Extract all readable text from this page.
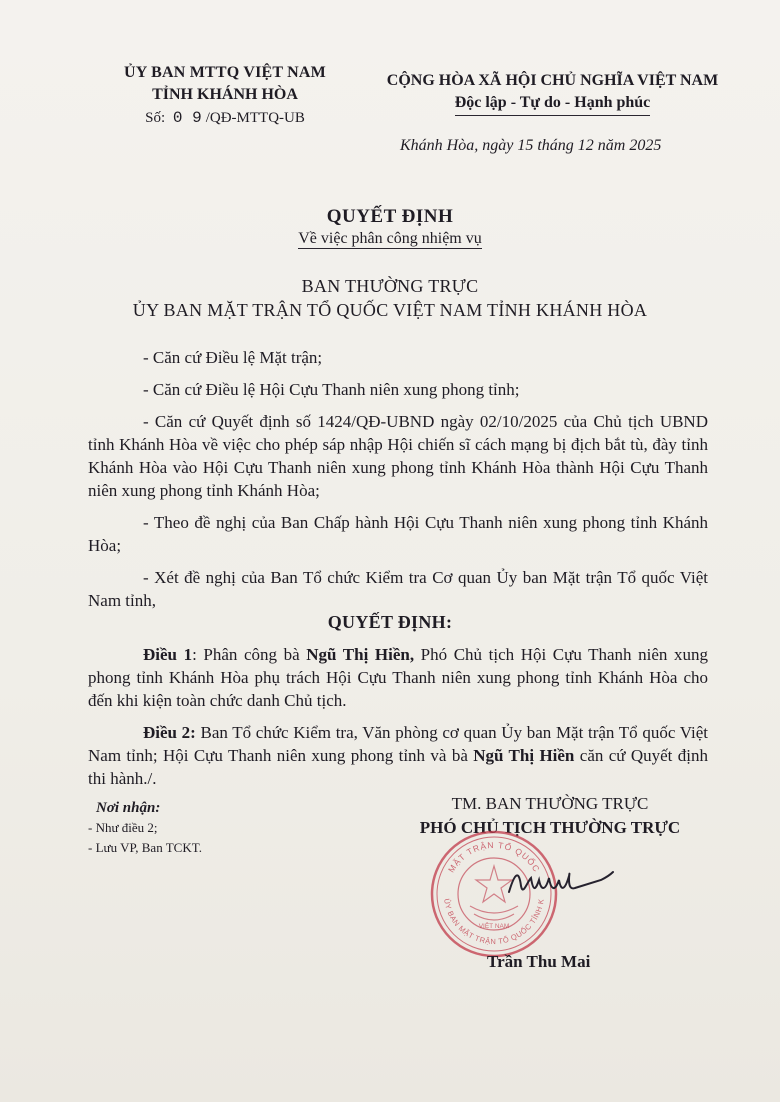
ỦY BAN MTTQ VIỆT NAM
TỈNH KHÁNH HÒA
Số: 0 9 /QĐ-MTTQ-UB
CỘNG HÒA XÃ HỘI CHỦ NGHĨA VIỆT NAM
Độc lập - Tự do - Hạnh phúc
Khánh Hòa, ngày 15 tháng 12 năm 2025
QUYẾT ĐỊNH
Về việc phân công nhiệm vụ
BAN THƯỜNG TRỰC
ỦY BAN MẶT TRẬN TỔ QUỐC VIỆT NAM TỈNH KHÁNH HÒA

- Căn cứ Điều lệ Mặt trận;

- Căn cứ Điều lệ Hội Cựu Thanh niên xung phong tỉnh;

- Căn cứ Quyết định số 1424/QĐ-UBND ngày 02/10/2025 của Chủ tịch UBND tỉnh Khánh Hòa về việc cho phép sáp nhập Hội chiến sĩ cách mạng bị địch bắt tù, đày tỉnh Khánh Hòa vào Hội Cựu Thanh niên xung phong tỉnh Khánh Hòa thành Hội Cựu Thanh niên xung phong tỉnh Khánh Hòa;

- Theo đề nghị của Ban Chấp hành Hội Cựu Thanh niên xung phong tỉnh Khánh Hòa;

- Xét đề nghị của Ban Tổ chức Kiểm tra Cơ quan Ủy ban Mặt trận Tổ quốc Việt Nam tỉnh,

QUYẾT ĐỊNH:

Điều 1: Phân công bà Ngũ Thị Hiền, Phó Chủ tịch Hội Cựu Thanh niên xung phong tỉnh Khánh Hòa phụ trách Hội Cựu Thanh niên xung phong tỉnh Khánh Hòa cho đến khi kiện toàn chức danh Chủ tịch.

Điều 2: Ban Tổ chức Kiểm tra, Văn phòng cơ quan Ủy ban Mặt trận Tổ quốc Việt Nam tỉnh; Hội Cựu Thanh niên xung phong tỉnh và bà Ngũ Thị Hiền căn cứ Quyết định thi hành./.

Nơi nhận:
- Như điều 2;
- Lưu VP, Ban TCKT.
TM. BAN THƯỜNG TRỰC
PHÓ CHỦ TỊCH THƯỜNG TRỰC
MẶT TRẬN TỔ QUỐC
ỦY BAN MẶT TRẬN TỔ QUỐC TỈNH K
VIỆT NAM
Trần Thu Mai
